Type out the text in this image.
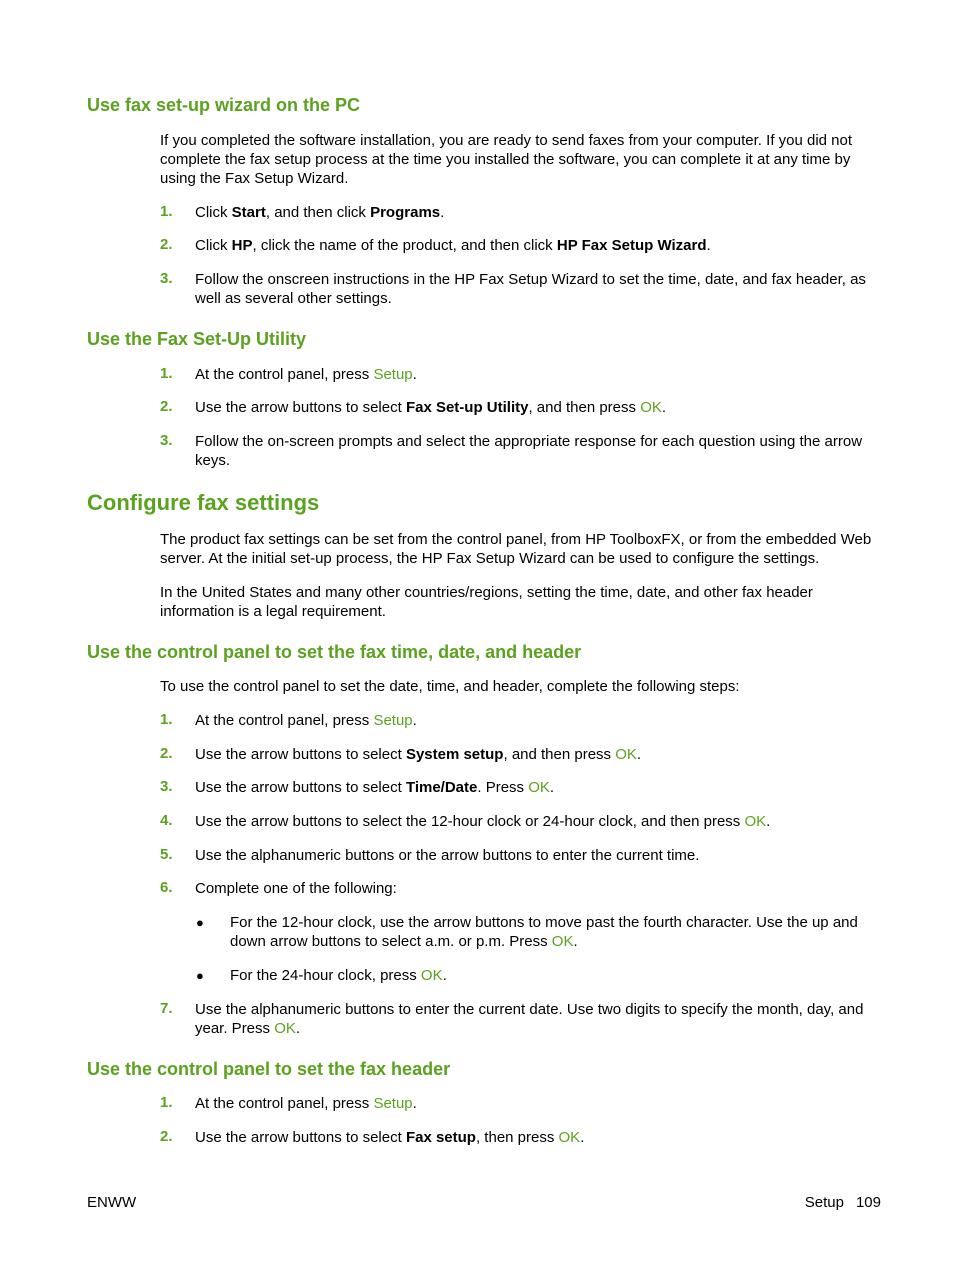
Use fax set-up wizard on the PC
If you completed the software installation, you are ready to send faxes from your computer. If you did not complete the fax setup process at the time you installed the software, you can complete it at any time by using the Fax Setup Wizard.
1. Click Start, and then click Programs.
2. Click HP, click the name of the product, and then click HP Fax Setup Wizard.
3. Follow the onscreen instructions in the HP Fax Setup Wizard to set the time, date, and fax header, as well as several other settings.
Use the Fax Set-Up Utility
1. At the control panel, press Setup.
2. Use the arrow buttons to select Fax Set-up Utility, and then press OK.
3. Follow the on-screen prompts and select the appropriate response for each question using the arrow keys.
Configure fax settings
The product fax settings can be set from the control panel, from HP ToolboxFX, or from the embedded Web server. At the initial set-up process, the HP Fax Setup Wizard can be used to configure the settings.
In the United States and many other countries/regions, setting the time, date, and other fax header information is a legal requirement.
Use the control panel to set the fax time, date, and header
To use the control panel to set the date, time, and header, complete the following steps:
1. At the control panel, press Setup.
2. Use the arrow buttons to select System setup, and then press OK.
3. Use the arrow buttons to select Time/Date. Press OK.
4. Use the arrow buttons to select the 12-hour clock or 24-hour clock, and then press OK.
5. Use the alphanumeric buttons or the arrow buttons to enter the current time.
6. Complete one of the following:
● For the 12-hour clock, use the arrow buttons to move past the fourth character. Use the up and down arrow buttons to select a.m. or p.m. Press OK.
● For the 24-hour clock, press OK.
7. Use the alphanumeric buttons to enter the current date. Use two digits to specify the month, day, and year. Press OK.
Use the control panel to set the fax header
1. At the control panel, press Setup.
2. Use the arrow buttons to select Fax setup, then press OK.
ENWW	Setup 109
